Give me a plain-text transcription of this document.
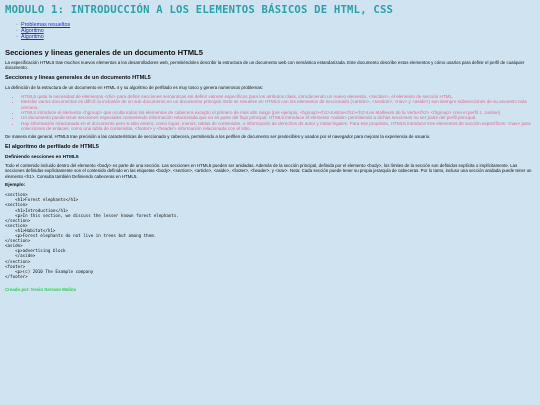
MODULO 1: INTRODUCCIÓN A LOS ELEMENTOS BÁSICOS DE HTML, CSS
◦ Problemas resueltos
◦ Algoritmo
◦ Algoritmo
Secciones y lineas generales de un documento HTML5

La especificación HTML5 trae muchos nuevos elementos a los desarrolladores web, permitiéndoles describir la estructura de un documento web con semántica estandarizada. Este documento describe estos elementos y cómo usarlos para definir el perfil de cualquier documento.

Secciones y lineas generales de un documento HTML5

La definición de la estructura de un documento en HTML 4 y su algoritmo de perfilado es muy tosco y genera numerosos problemas:

• HTML5 quita la necesidad de elementos <div> para definir secciones semánticas sin definir valores específicos para los atributos class, introduciendo un nuevo elemento, <section>, el elemento de sección HTML.
• Mezclar varios documentos es difícil: la inclusión de un sub documento en un documento principal. Esto se resuelve en HTML5 con los elementos de seccionado (<article>, <section>, <nav> y <aside>) son siempre subsecciones de su ancestro más cercano.
• HTML5 introduce el elemento <hgroup> que oculta todos los elementos de cabecera excepto el primero de más alto rango (por ejemplo, <hgroup><h1>Justine</h1><h2>Les Malheurs de la Vertu</h2> </hgroup> crea el perfil 1. Justine)
• Un documento puede tener secciones especiales conteniendo información relacionada que no es parte del flujo principal. HTML5 introduce el elemento <aside> permitiendo a dichas secciones no ser parte del perfil principal.
• Hay información relacionada en el documento pero si sitio entero, como logos, menús, tablas de contenidos, o información de derechos de autor y notas legales. Para ese propósito, HTML5 introduce tres elementos de sección específicos: <nav> para colecciones de enlaces, como una tabla de contenidos, <footer> y <header> información relacionada con el sitio.

De manera más general, HTML5 trae precisión a las características de seccionado y cabecera, permitiendo a los perfiles de documento ser predecibles y usados por el navegador para mejorar la experiencia de usuario.

El algoritmo de perfilado de HTML5
Definiendo secciones en HTML5

Todo el contenido incluido dentro del elemento <body> es parte de una sección. Las secciones en HTML5 pueden ser anidadas. Además de la sección principal, definida por el elemento <body>, los límites de la sección son definidos explícita o implícitamente. Las secciones definidas explícitamente son el contenido definido en las etiquetas <body>, <section>, <article>, <aside>, <footer>, <header>, y <nav>. Nota: Cada sección puede tener su propia jerarquía de cabeceras. Por lo tanto, incluso una sección anidada puede tener un elemento <h1>. Consulta también Definiendo cabeceras en HTML5.

Ejemplo:
<section>
<h1>Forest elephants</h1>
<section>
<h1>Introduction</h1>
<p>In this section, we discuss the lesser known forest elephants.
</section>
<section>
<h1>Habitat</h1>
<p>Forest elephants do not live in trees but among them.
</section>
<aside>
<p>advertising block
</aside>
</section>
<footer>
<p>(c) 2010 The Example company
</footer>
Creado por: Kevin Serrano Molina
